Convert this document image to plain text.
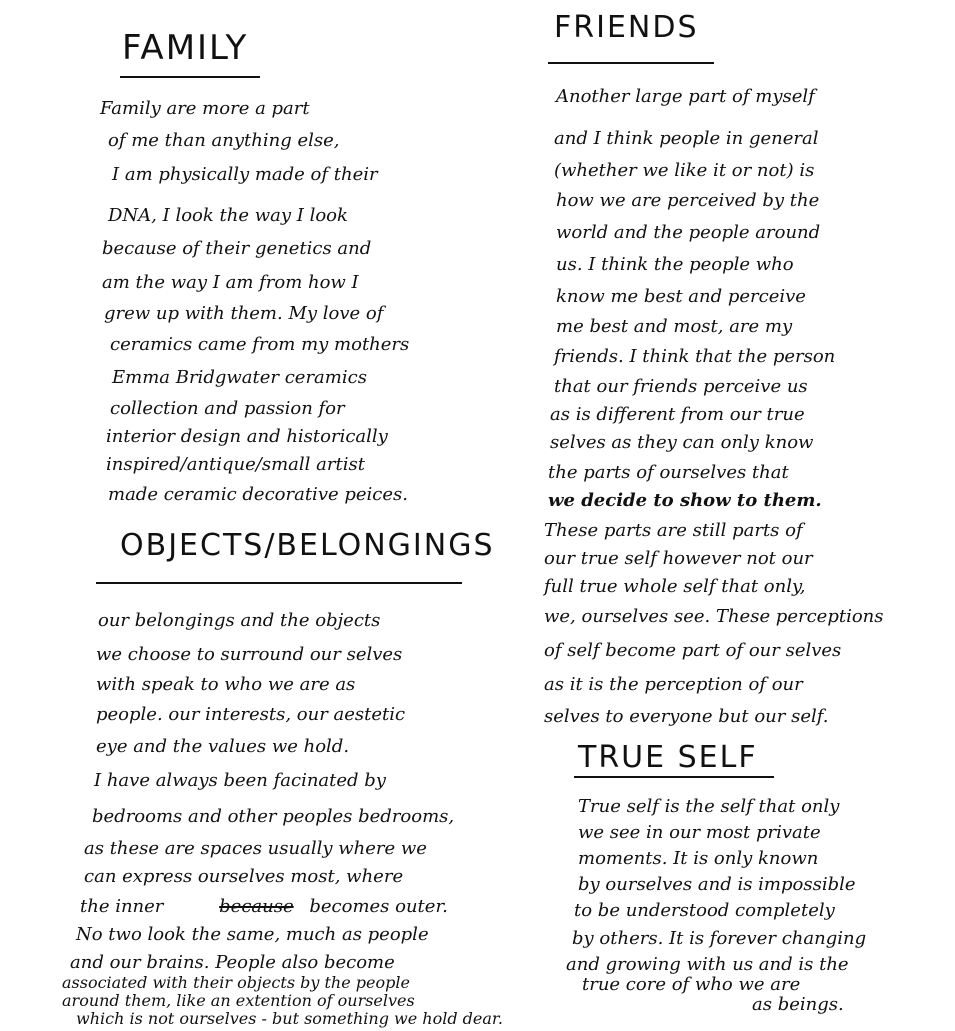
FAMILY

Family are more a part

of me than anything else,

I am physically made of their

DNA, I look the way I look

because of their genetics and

am the way I am from how I

grew up with them. My love of

ceramics came from my mothers

Emma Bridgwater ceramics

collection and passion for

interior design and historically

inspired/antique/small artist

made ceramic decorative peices.

OBJECTS/BELONGINGS

our belongings and the objects

we choose to surround our selves

with speak to who we are as

people. our interests, our aestetic

eye and the values we hold.

I have always been facinated by

bedrooms and other peoples bedrooms,

as these are spaces usually where we

can express ourselves most, where

the inner	because becomes outer.

No two look the same, much as people

and our brains. People also become

associated with their objects by the people

around them, like an extention of ourselves

which is not ourselves - but something we hold dear.

FRIENDS

Another large part of myself

and I think people in general

(whether we like it or not) is

how we are perceived by the

world and the people around

us. I think the people who

know me best and perceive

me best and most, are my

friends. I think that the person

that our friends perceive us

as is different from our true

selves as they can only know

the parts of ourselves that

we decide to show to them.

These parts are still parts of

our true self however not our

full true whole self that only,

we, ourselves see. These perceptions

of self become part of our selves

as it is the perception of our

selves to everyone but our self.

TRUE SELF

True self is the self that only

we see in our most private

moments. It is only known

by ourselves and is impossible

to be understood completely

by others. It is forever changing

and growing with us and is the

true core of who we are

as beings.
